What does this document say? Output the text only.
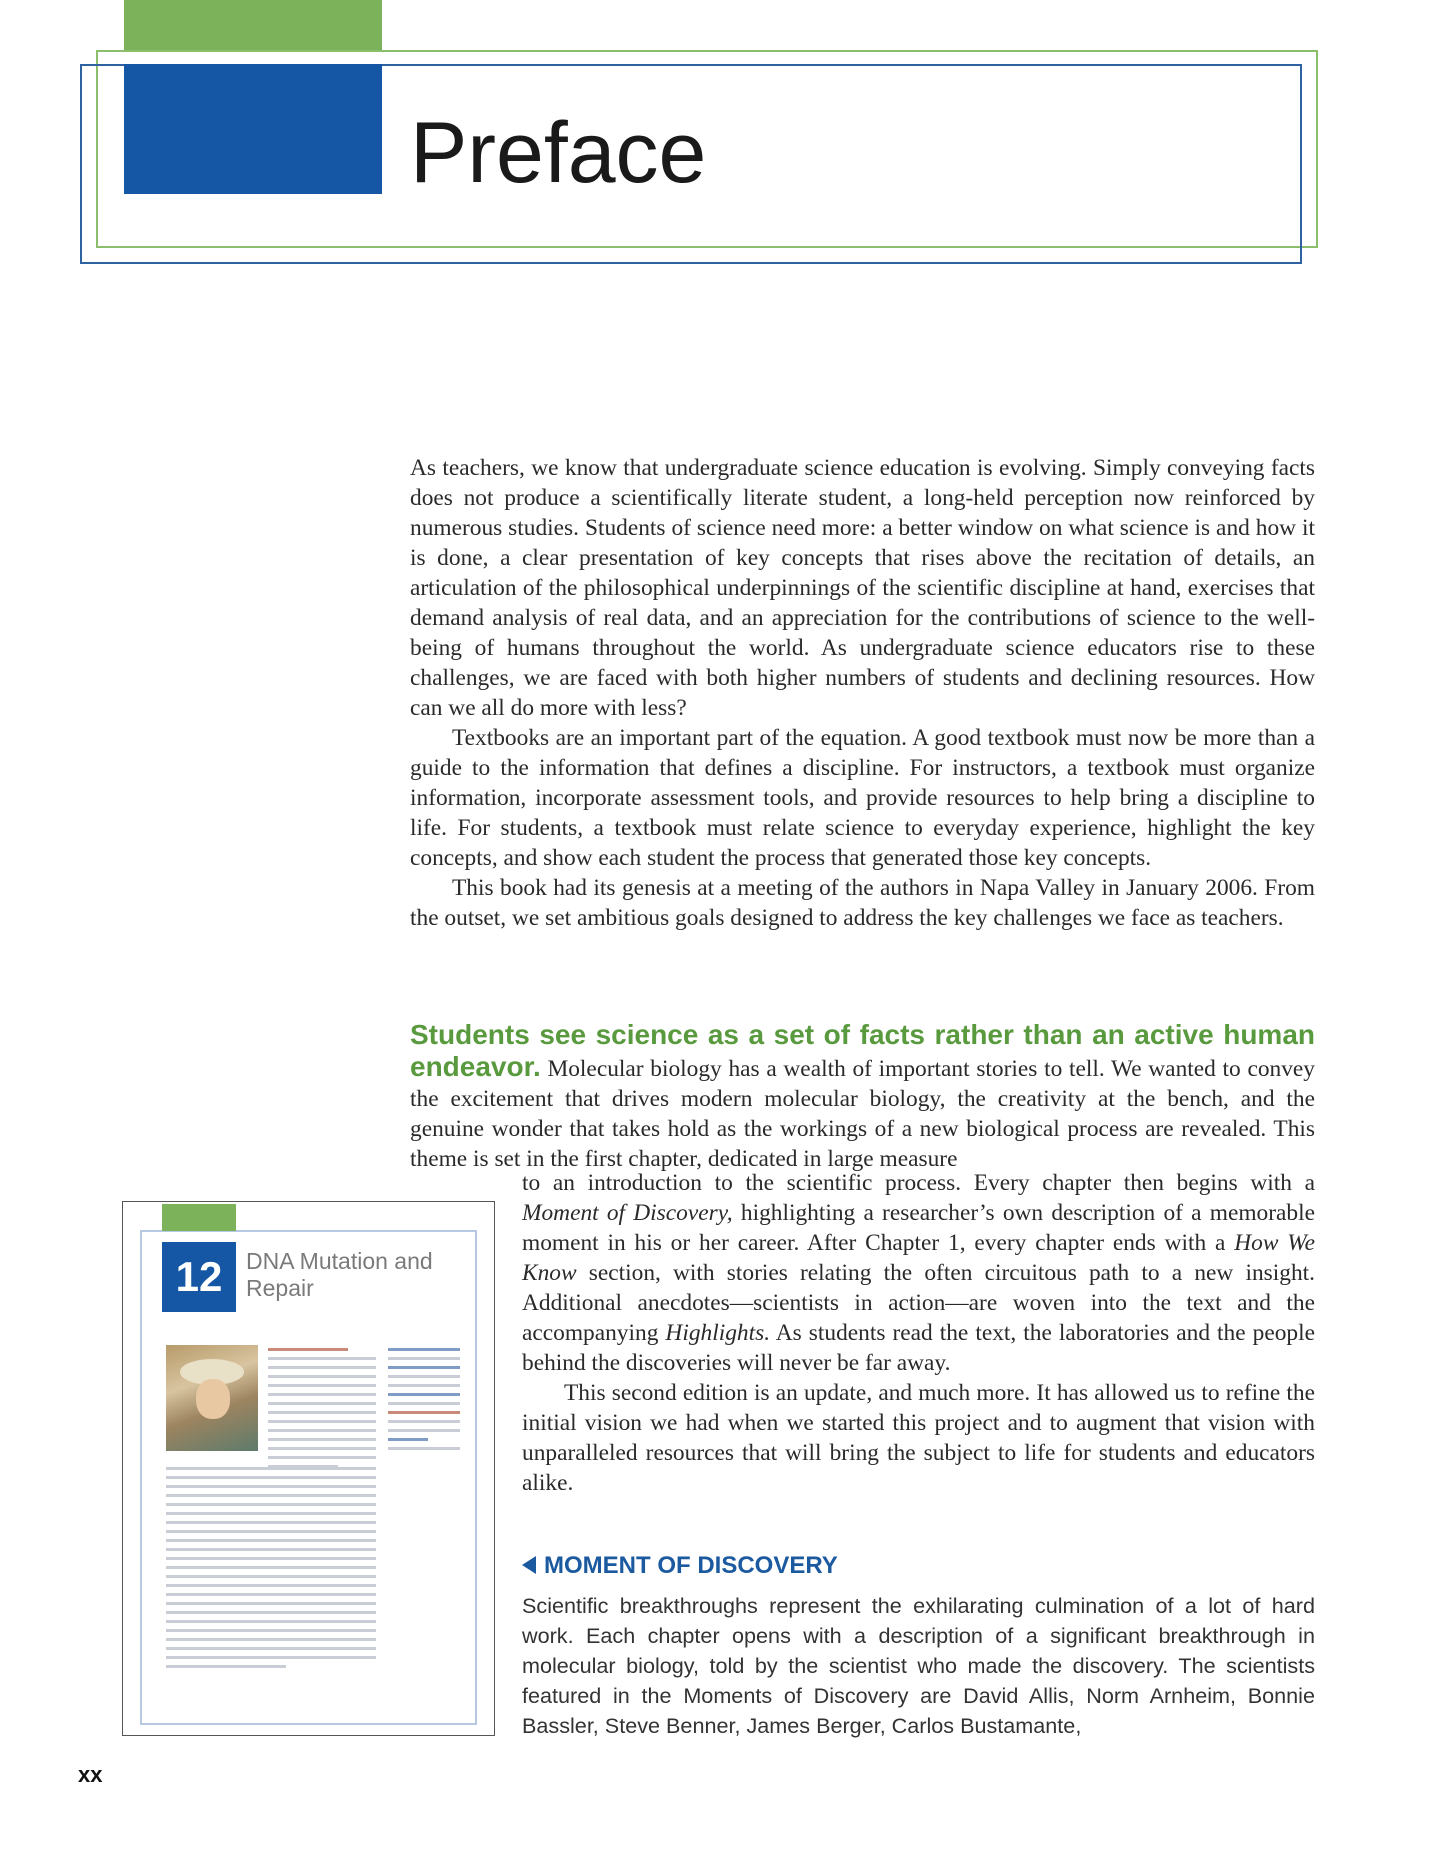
Preface

As teachers, we know that undergraduate science education is evolving. Simply conveying facts does not produce a scientifically literate student, a long-held perception now reinforced by numerous studies. Students of science need more: a better window on what science is and how it is done, a clear presentation of key concepts that rises above the recitation of details, an articulation of the philosophical underpinnings of the scientific discipline at hand, exercises that demand analysis of real data, and an appreciation for the contributions of science to the well-being of humans throughout the world. As undergraduate science educators rise to these challenges, we are faced with both higher numbers of students and declining resources. How can we all do more with less?

Textbooks are an important part of the equation. A good textbook must now be more than a guide to the information that defines a discipline. For instructors, a textbook must organize information, incorporate assessment tools, and provide resources to help bring a discipline to life. For students, a textbook must relate science to everyday experience, highlight the key concepts, and show each student the process that generated those key concepts.

This book had its genesis at a meeting of the authors in Napa Valley in January 2006. From the outset, we set ambitious goals designed to address the key challenges we face as teachers.

Students see science as a set of facts rather than an active human endeavor. Molecular biology has a wealth of important stories to tell. We wanted to convey the excitement that drives modern molecular biology, the creativity at the bench, and the genuine wonder that takes hold as the workings of a new biological process are revealed. This theme is set in the first chapter, dedicated in large measure

to an introduction to the scientific process. Every chapter then begins with a Moment of Discovery, highlighting a researcher’s own description of a memorable moment in his or her career. After Chapter 1, every chapter ends with a How We Know section, with stories relating the often circuitous path to a new insight. Additional anecdotes—scientists in action—are woven into the text and the accompanying Highlights. As students read the text, the laboratories and the people behind the discoveries will never be far away.

This second edition is an update, and much more. It has allowed us to refine the initial vision we had when we started this project and to augment that vision with unparalleled resources that will bring the subject to life for students and educators alike.

MOMENT OF DISCOVERY

Scientific breakthroughs represent the exhilarating culmination of a lot of hard work. Each chapter opens with a description of a significant breakthrough in molecular biology, told by the scientist who made the discovery. The scientists featured in the Moments of Discovery are David Allis, Norm Arnheim, Bonnie Bassler, Steve Benner, James Berger, Carlos Bustamante,

12	DNA Mutation and Repair
xx
